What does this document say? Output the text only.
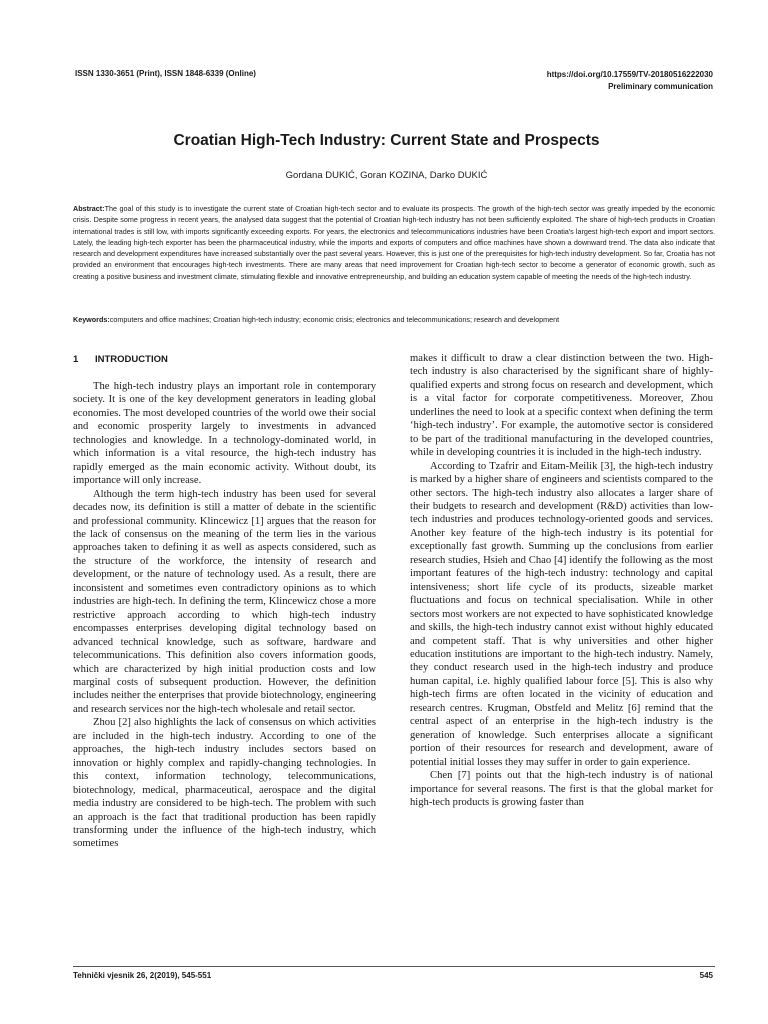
ISSN 1330-3651 (Print), ISSN 1848-6339 (Online)	https://doi.org/10.17559/TV-20180516222030
Preliminary communication
Croatian High-Tech Industry: Current State and Prospects
Gordana DUKIĆ, Goran KOZINA, Darko DUKIĆ
Abstract:The goal of this study is to investigate the current state of Croatian high-tech sector and to evaluate its prospects. The growth of the high-tech sector was greatly impeded by the economic crisis. Despite some progress in recent years, the analysed data suggest that the potential of Croatian high-tech industry has not been sufficiently exploited. The share of high-tech products in Croatian international trades is still low, with imports significantly exceeding exports. For years, the electronics and telecommunications industries have been Croatia's largest high-tech export and import sectors. Lately, the leading high-tech exporter has been the pharmaceutical industry, while the imports and exports of computers and office machines have shown a downward trend. The data also indicate that research and development expenditures have increased substantially over the past several years. However, this is just one of the prerequisites for high-tech industry development. So far, Croatia has not provided an environment that encourages high-tech investments. There are many areas that need improvement for Croatian high-tech sector to become a generator of economic growth, such as creating a positive business and investment climate, stimulating flexible and innovative entrepreneurship, and building an education system capable of meeting the needs of the high-tech industry.
Keywords:computers and office machines; Croatian high-tech industry; economic crisis; electronics and telecommunications; research and development
1 INTRODUCTION

The high-tech industry plays an important role in contemporary society. It is one of the key development generators in leading global economies. The most developed countries of the world owe their social and economic prosperity largely to investments in advanced technologies and knowledge. In a technology-dominated world, in which information is a vital resource, the high-tech industry has rapidly emerged as the main economic activity. Without doubt, its importance will only increase.

Although the term high-tech industry has been used for several decades now, its definition is still a matter of debate in the scientific and professional community. Klincewicz [1] argues that the reason for the lack of consensus on the meaning of the term lies in the various approaches taken to defining it as well as aspects considered, such as the structure of the workforce, the intensity of research and development, or the nature of technology used. As a result, there are inconsistent and sometimes even contradictory opinions as to which industries are high-tech. In defining the term, Klincewicz chose a more restrictive approach according to which high-tech industry encompasses enterprises developing digital technology based on advanced technical knowledge, such as software, hardware and telecommunications. This definition also covers information goods, which are characterized by high initial production costs and low marginal costs of subsequent production. However, the definition includes neither the enterprises that provide biotechnology, engineering and research services nor the high-tech wholesale and retail sector.

Zhou [2] also highlights the lack of consensus on which activities are included in the high-tech industry. According to one of the approaches, the high-tech industry includes sectors based on innovation or highly complex and rapidly-changing technologies. In this context, information technology, telecommunications, biotechnology, medical, pharmaceutical, aerospace and the digital media industry are considered to be high-tech. The problem with such an approach is the fact that traditional production has been rapidly transforming under the influence of the high-tech industry, which sometimes

makes it difficult to draw a clear distinction between the two. High-tech industry is also characterised by the significant share of highly-qualified experts and strong focus on research and development, which is a vital factor for corporate competitiveness. Moreover, Zhou underlines the need to look at a specific context when defining the term ‘high-tech industry’. For example, the automotive sector is considered to be part of the traditional manufacturing in the developed countries, while in developing countries it is included in the high-tech industry.

According to Tzafrir and Eitam-Meilik [3], the high-tech industry is marked by a higher share of engineers and scientists compared to the other sectors. The high-tech industry also allocates a larger share of their budgets to research and development (R&D) activities than low-tech industries and produces technology-oriented goods and services. Another key feature of the high-tech industry is its potential for exceptionally fast growth. Summing up the conclusions from earlier research studies, Hsieh and Chao [4] identify the following as the most important features of the high-tech industry: technology and capital intensiveness; short life cycle of its products, sizeable market fluctuations and focus on technical specialisation. While in other sectors most workers are not expected to have sophisticated knowledge and skills, the high-tech industry cannot exist without highly educated and competent staff. That is why universities and other higher education institutions are important to the high-tech industry. Namely, they conduct research used in the high-tech industry and produce human capital, i.e. highly qualified labour force [5]. This is also why high-tech firms are often located in the vicinity of education and research centres. Krugman, Obstfeld and Melitz [6] remind that the central aspect of an enterprise in the high-tech industry is the generation of knowledge. Such enterprises allocate a significant portion of their resources for research and development, aware of potential initial losses they may suffer in order to gain experience.

Chen [7] points out that the high-tech industry is of national importance for several reasons. The first is that the global market for high-tech products is growing faster than

Tehnički vjesnik 26, 2(2019), 545-551	545
